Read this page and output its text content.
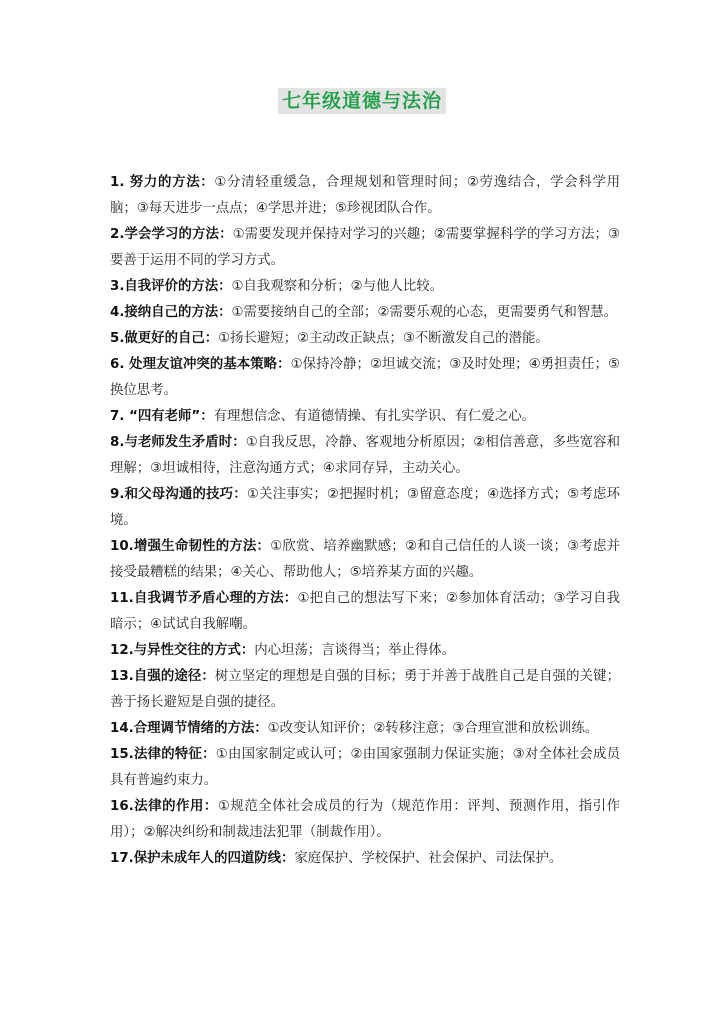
七年级道德与法治

1. 努力的方法：①分清轻重缓急，合理规划和管理时间；②劳逸结合，学会科学用脑；③每天进步一点点；④学思并进；⑤珍视团队合作。

2.学会学习的方法：①需要发现并保持对学习的兴趣；②需要掌握科学的学习方法；③要善于运用不同的学习方式。

3.自我评价的方法：①自我观察和分析；②与他人比较。

4.接纳自己的方法：①需要接纳自己的全部；②需要乐观的心态，更需要勇气和智慧。

5.做更好的自己：①扬长避短；②主动改正缺点；③不断激发自己的潜能。

6. 处理友谊冲突的基本策略：①保持冷静；②坦诚交流；③及时处理；④勇担责任；⑤换位思考。

7. “四有老师”：有理想信念、有道德情操、有扎实学识、有仁爱之心。

8.与老师发生矛盾时：①自我反思，冷静、客观地分析原因；②相信善意，多些宽容和理解；③坦诚相待，注意沟通方式；④求同存异，主动关心。

9.和父母沟通的技巧：①关注事实；②把握时机；③留意态度；④选择方式；⑤考虑环境。

10.增强生命韧性的方法：①欣赏、培养幽默感；②和自己信任的人谈一谈；③考虑并接受最糟糕的结果；④关心、帮助他人；⑤培养某方面的兴趣。

11.自我调节矛盾心理的方法：①把自己的想法写下来；②参加体育活动；③学习自我暗示；④试试自我解嘲。

12.与异性交往的方式：内心坦荡；言谈得当；举止得体。

13.自强的途径：树立坚定的理想是自强的目标；勇于并善于战胜自己是自强的关键；善于扬长避短是自强的捷径。

14.合理调节情绪的方法：①改变认知评价；②转移注意；③合理宣泄和放松训练。

15.法律的特征：①由国家制定或认可；②由国家强制力保证实施；③对全体社会成员具有普遍约束力。

16.法律的作用：①规范全体社会成员的行为（规范作用：评判、预测作用，指引作用）；②解决纠纷和制裁违法犯罪（制裁作用）。

17.保护未成年人的四道防线：家庭保护、学校保护、社会保护、司法保护。
